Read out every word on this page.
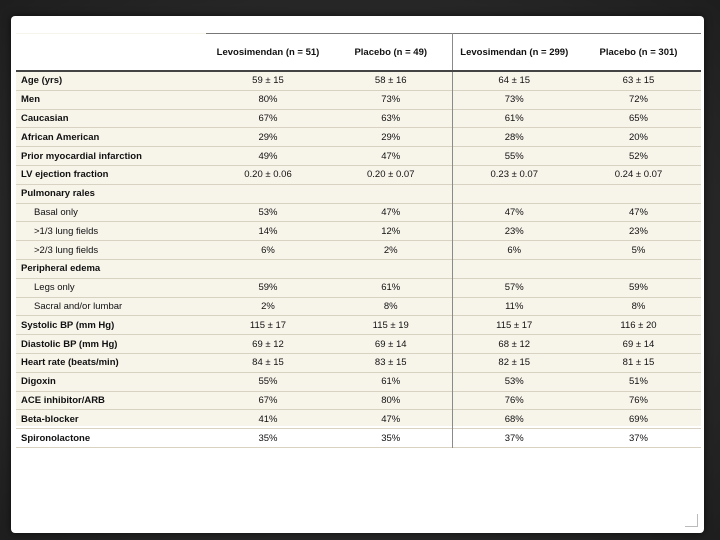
	Levosimendan (n = 51)	Placebo (n = 49)	Levosimendan (n = 299)	Placebo (n = 301)
Age (yrs)	59 ± 15	58 ± 16	64 ± 15	63 ± 15
Men	80%	73%	73%	72%
Caucasian	67%	63%	61%	65%
African American	29%	29%	28%	20%
Prior myocardial infarction	49%	47%	55%	52%
LV ejection fraction	0.20 ± 0.06	0.20 ± 0.07	0.23 ± 0.07	0.24 ± 0.07
Pulmonary rales				
Basal only	53%	47%	47%	47%
>1/3 lung fields	14%	12%	23%	23%
>2/3 lung fields	6%	2%	6%	5%
Peripheral edema				
Legs only	59%	61%	57%	59%
Sacral and/or lumbar	2%	8%	11%	8%
Systolic BP (mm Hg)	115 ± 17	115 ± 19	115 ± 17	116 ± 20
Diastolic BP (mm Hg)	69 ± 12	69 ± 14	68 ± 12	69 ± 14
Heart rate (beats/min)	84 ± 15	83 ± 15	82 ± 15	81 ± 15
Digoxin	55%	61%	53%	51%
ACE inhibitor/ARB	67%	80%	76%	76%
Beta-blocker	41%	47%	68%	69%
Spironolactone	35%	35%	37%	37%
